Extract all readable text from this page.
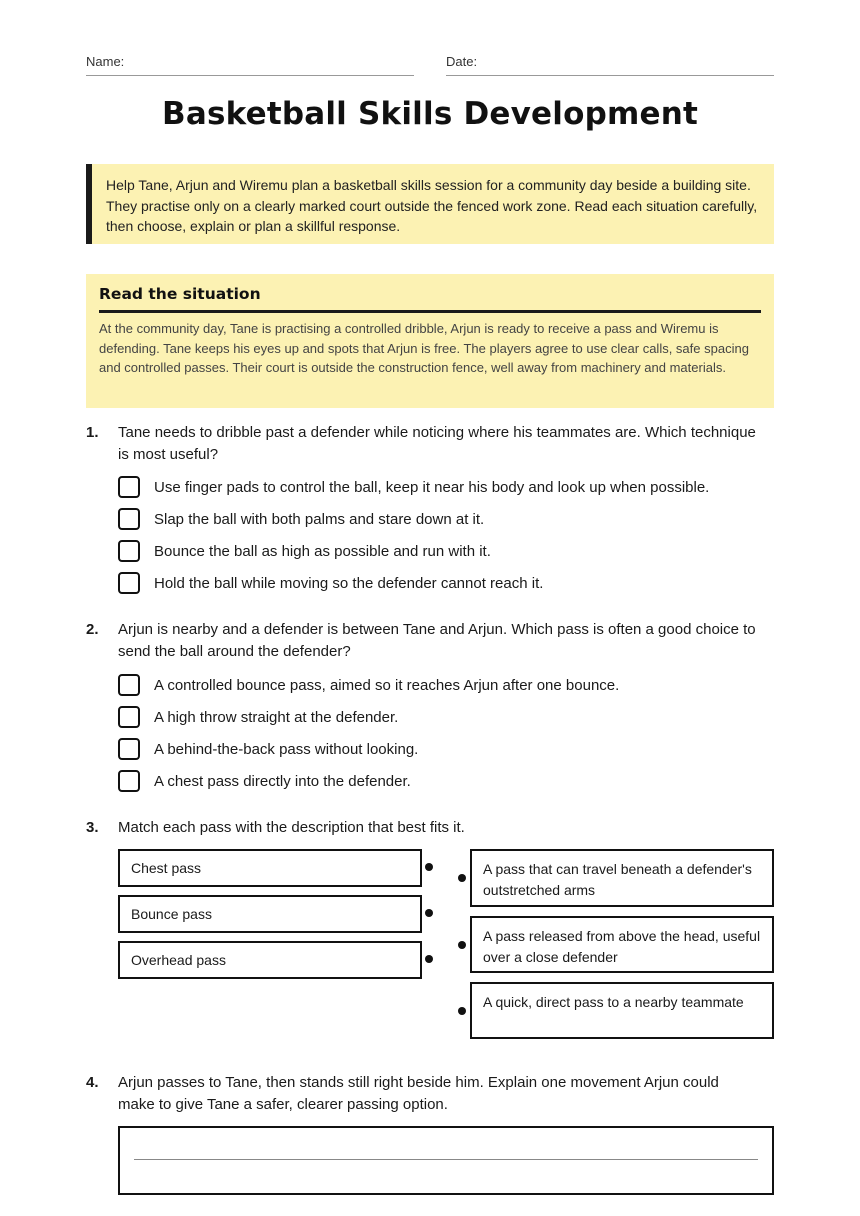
Name:	Date:
Basketball Skills Development
Help Tane, Arjun and Wiremu plan a basketball skills session for a community day beside a building site. They practise only on a clearly marked court outside the fenced work zone. Read each situation carefully, then choose, explain or plan a skillful response.
Read the situation
At the community day, Tane is practising a controlled dribble, Arjun is ready to receive a pass and Wiremu is defending. Tane keeps his eyes up and spots that Arjun is free. The players agree to use clear calls, safe spacing and controlled passes. Their court is outside the construction fence, well away from machinery and materials.
1. Tane needs to dribble past a defender while noticing where his teammates are. Which technique is most useful?
Use finger pads to control the ball, keep it near his body and look up when possible.
Slap the ball with both palms and stare down at it.
Bounce the ball as high as possible and run with it.
Hold the ball while moving so the defender cannot reach it.
2. Arjun is nearby and a defender is between Tane and Arjun. Which pass is often a good choice to send the ball around the defender?
A controlled bounce pass, aimed so it reaches Arjun after one bounce.
A high throw straight at the defender.
A behind-the-back pass without looking.
A chest pass directly into the defender.
3. Match each pass with the description that best fits it.
Chest pass
Bounce pass
Overhead pass
A pass that can travel beneath a defender's outstretched arms
A pass released from above the head, useful over a close defender
A quick, direct pass to a nearby teammate
4. Arjun passes to Tane, then stands still right beside him. Explain one movement Arjun could make to give Tane a safer, clearer passing option.
